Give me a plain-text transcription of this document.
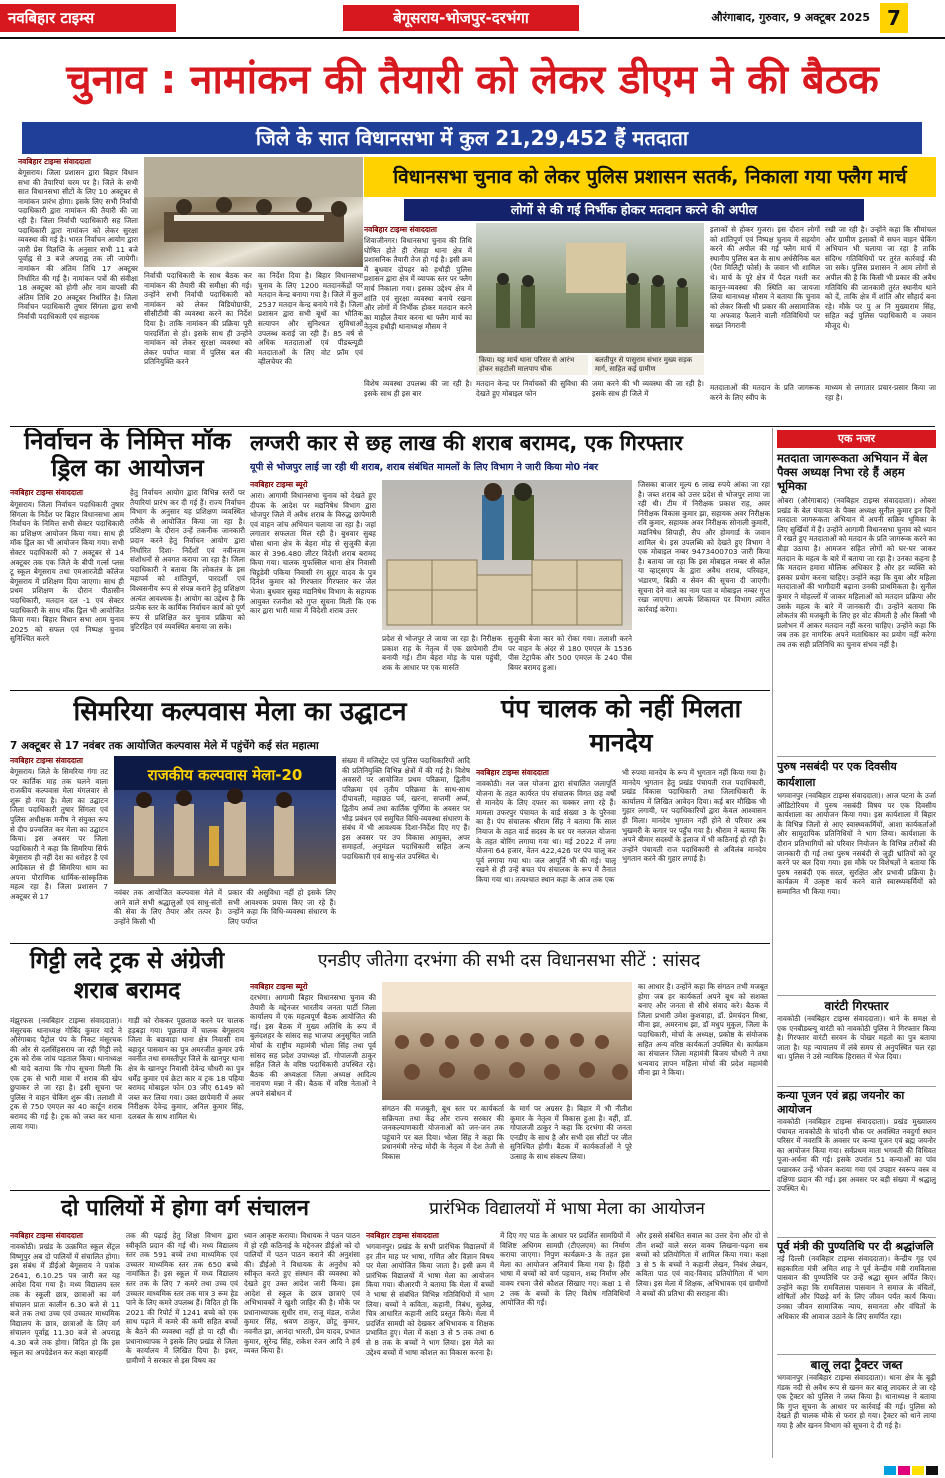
नवबिहार टाइम्स	बेगूसराय-भोजपुर-दरभंगा	औरंगाबाद, गुरुवार, 9 अक्टूबर 2025 7
चुनाव : नामांकन की तैयारी को लेकर डीएम ने की बैठक
जिले के सात विधानसभा में कुल 21,29,452 हैं मतदाता
नवबिहार टाइम्स संवाददाता
बेगूसराय। जिला प्रशासन द्वारा बिहार विधान सभा की तैयारियां चरम पर है। जिले के सभी सात विधानसभा सीटों के लिए 10 अक्टूबर से नामांकन प्रारंभ होगा। इसके लिए सभी निर्वाची पदाधिकारी द्वारा नामांकन की तैयारी की जा रही है। जिला निर्वाची पदाधिकारी सह जिला पदाधिकारी द्वारा नामांकन को लेकर सुरक्षा व्यवस्था की गई है। भारत निर्वाचन आयोग द्वारा जारी प्रेस विज्ञप्ति के अनुसार सभी 11 बजे पूर्वाह्न से 3 बजे अपराह्न तक ली जायेगी। नामांकन की अंतिम तिथि 17 अक्टूबर निर्धारित की गई है। नामांकन पत्रों की संवीक्षा 18 अक्टूबर को होगी और नाम वापसी की अंतिम तिथि 20 अक्टूबर निर्धारित है। जिला निर्वाचन पदाधिकारी तुषार सिंगला द्वारा सभी निर्वाची पदाधिकारी एवं सहायक
निर्वाची पदाधिकारी के साथ बैठक कर नामांकन की तैयारी की समीक्षा की गई। उन्होंने सभी निर्वाची पदाधिकारी को नामांकन को लेकर विडियोग्राफी, सीसीटीवी की व्यवस्था करने का निर्देश दिया है। ताकि नामांकन की प्रक्रिया पूरी पारदर्शिता से हो। इसके साथ ही उन्होंने नामांकन को लेकर सुरक्षा व्यवस्था को लेकर पर्याप्त मात्रा में पुलिस बल की प्रतिनियुक्ति करने
का निर्देश दिया है। बिहार विधानसभा चुनाव के लिए 1200 मतदानकेंद्रों पर मतदान केन्द्र बनाया गया है। जिले में कुल 2537 मतदान केन्द्र बनाये गये हैं। जिला प्रशासन द्वारा सभी बूथों का भौतिक सत्यापन और सुनिश्चत सुविधाओं उपलब्ध कराई जा रही हैं। 85 वर्ष से अधिक मतदाताओं एवं पीडब्ल्यूडी मतदाताओं के लिए वोट फ्रॉम एवं व्हीलचेयर की
विधानसभा चुनाव को लेकर पुलिस प्रशासन सतर्क, निकाला गया फ्लैग मार्च
लोगों से की गई निर्भीक होकर मतदान करने की अपील
नवबिहार टाइम्स संवाददाता
शिवाजीनगर। विधानसभा चुनाव की तिथि घोषित होते ही रोसड़ा थाना क्षेत्र में प्रशासनिक तैयारी तेज हो गई है। इसी क्रम में बुधवार दोपहर को हथौड़ी पुलिस प्रशासन द्वारा क्षेत्र में व्यापक स्तर पर फ्लैग मार्च निकाला गया। इसका उद्देश्य क्षेत्र में शांति एवं सुरक्षा व्यवस्था बनाये रखना और लोगों में निर्भीक होकर मतदान करने का माहौल तैयार करना था फ्लैग मार्च का नेतृत्व हथौड़ी थानाध्यक्ष मौसम ने
विशेष व्यवस्था उपलब्ध की जा रही है। इसके साथ ही इस बार
किया। यह मार्च थाना परिसर से आरंभ होकर सहटोली मालपाप चौक
बलतीपुर से पासुराम संभार मुख्य सड़क मार्ग, साहित कई ग्रामीण
मतदान केन्द्र पर निर्वाचकों की सुविधा की देखते हुए मोबाइल फोन
जमा करने की भी व्यवस्था की जा रही है। इसके साथ ही जिले में
इलाकों से होकर गुजरा। इस दौरान लोगों को शांतिपूर्ण एवं निष्पक्ष चुनाव में सहयोग करने की अपील की गई फ्लैग मार्च में स्थानीय पुलिस बल के साथ अर्धसैनिक बल (पैरा मिलिट्री फोर्स) के जवान भी शामिल थे। मार्च के पूरे क्षेत्र में पैदल गश्ती कर कानून-व्यवस्था की स्थिति का जायजा लिया थानाध्यक्ष मौसम ने बताया कि चुनाव को लेकर किसी भी प्रकार की असामाजिक या अफवाह फैलाने वाली गतिविधियों पर सख्त निगरानी
रखी जा रही है। उन्होंने कहा कि सीमांचल और ग्रामीण इलाकों में सघन वाहन चेकिंग अभियान भी चलाया जा रहा है ताकि संदिग्ध गतिविधियों पर तुरंत कार्रवाई की जा सके। पुलिस प्रशासन ने आम लोगों से अपील की है कि किसी भी प्रकार की अवैध गतिविधि की जानकारी तुरंत स्थानीय थाने को दें, ताकि क्षेत्र में शांति और सौहार्द बना रहे। मौके पर पु अ नि मुख्याराम सिंह, सहित कई पुलिस पदाधिकारी व जवान मौजूद थे।
मतदाताओं की मतदान के प्रति जागरूक करने के लिए स्वीप के
माध्यम से लगातार प्रचार-प्रसार किया जा रहा है।
निर्वाचन के निमित्त मॉक ड्रिल का आयोजन
नवबिहार टाइम्स संवाददाता
बेगूसराय। जिला निर्वाचन पदाधिकारी तुषार सिंगला के निर्देश पर बिहार विधानसभा आम निर्वाचन के निमित्त सभी सेक्टर पदाधिकारी का प्रशिक्षण आयोजन किया गया। साथ ही मॉक ड्रिल का भी आयोजन किया गया। सभी सेक्टर पदाधिकारी को 7 अक्टूबर से 14 अक्टूबर तक एक जिले के बीपी गर्ल्स प्लस टू स्कूल बेगूसराय तथा एमआरजेडी कॉलेज बेगूसराय में प्रशिक्षण दिया जाएगा। साथ ही प्रथम प्रशिक्षण के दौरान पीठासीन पदाधिकारी, मतदान दल -1 एवं सेक्टर पदाधिकारी के साथ मॉक ड्रिल भी आयोजित किया गया। बिहार विधान सभा आम चुनाव 2025 को सफल एवं निष्पक्ष चुनाव सुनिश्चित करने
हेतु निर्वाचन आयोग द्वारा विभिन्न स्तरों पर तैयारियां प्रारंभ कर दी गई हैं। राज्य निर्वाचन विभाग के अनुसार यह प्रशिक्षण व्यवस्थित तरीके से आयोजित किया जा रहा है। प्रशिक्षण के दौरान उन्हें तकनीक जानकारी प्रदान करने हेतु निर्वाचन आयोग द्वारा निर्धारित दिशा- निर्देशों एवं नवीनतम संशोधनों से अवगत कराया जा रहा है। जिला पदाधिकारी ने बताया कि लोकतंत्र के इस महापर्व को शांतिपूर्ण, पारदर्शी एवं विश्वसनीय रूप से संपन्न कराने हेतु प्रशिक्षण अत्यंत आवश्यक है। आयोग का उद्देश्य है कि प्रत्येक स्तर के कार्मिक निर्वाचन कार्य को पूर्ण रूप से प्रशिक्षित कर चुनाव प्रक्रिया को त्रुटिरहित एवं व्यवस्थित बनाया जा सके।
लग्जरी कार से छह लाख की शराब बरामद, एक गिरफ्तार
यूपी से भोजपुर लाई जा रही थी शराब, शराब संबंधित मामलों के लिए विभाग ने जारी किया मो0 नंबर
नवबिहार टाइम्स ब्यूरो
आरा। आगामी विधानसभा चुनाव को देखते हुए दीपक के आदेश पर मद्यनिषेध विभाग द्वारा भोजपुर जिले में अवैध शराब के विरुद्ध छापेमारी एवं वाहन जांच अभियान चलाया जा रहा है। जहां लगातार सफलता मिल रही है। बुधवार सुबह चौसा थाना क्षेत्र के बेहरा मोड़ से सुजुकी बेज़ा कार से 396.480 लीटर विदेशी शराब बरामद किया गया। चालक मुफस्सिल थाना क्षेत्र निवासी चिट्ठडेवी पकिया निवासी रंग सुद्दर यादव के पुत्र दिनेश कुमार को गिरफ्तार गिरफ्तार कर जेल भेजा। बुधवार सुबह मद्यनिषेध विभाग के सहायक आयुक्त रजनीश को गुप्त सूचना मिली कि एक कार द्वारा भारी मात्रा में विदेशी शराब उत्तर
प्रदेश से भोजपुर ले जाया जा रहा है। निरीक्षक प्रकाश राह के नेतृत्व में एक छापेमारी टीम बनायी गई। टीम बेहरा मोड़ के पास पहुंची, शक के आधार पर एक मारुति
सुजुकी बेजा कार को रोका गया। तलाशी करने पर वाहन के अंदर से 180 एमएल के 1536 पीस टेट्रापैक और 500 एमएल के 240 पीस बियर बरामद हुआ।
जिसका बाजार मूल्य 6 लाख रुपये आंका जा रहा है। जब्त शराब को उत्तर प्रदेश से भोजपुर लाया जा रही थी। टीम में निरीक्षक प्रकाश राह, अवर निरीक्षक विकास कुमार झा, सहायक अवर निरीक्षक रवि कुमार, सहायक अवर निरीक्षक सोनाली कुमारी, मद्यनिषेध सिपाही, सैप और होमगार्ड के जवान शामिल थे। इस उपलब्धि को देखते हुए विभाग ने एक मोबाइल नम्बर 9473400703 जारी किया है। बताया जा रहा कि इस मोबाइल नम्बर से कॉल या व्हाट्सएप के द्वारा अवैध शराब, परिवहन, भंडारण, बिक्री व सेवन की सूचना दी जाएगी। सूचना देने वाले का नाम पता व मोबाइल नम्बर गुप्त रखा जाएगा। आपके शिकायत पर विभाग त्वरित कार्रवाई करेगा।
एक नजर
मतदाता जागरूकता अभियान में बेल पैक्स अध्यक्ष निभा रहे हैं अहम भूमिका
ओबरा (औरंगाबाद) (नवबिहार टाइम्स संवाददाता)। ओबरा प्रखंड के बेल पंचायत के पैक्स अध्यक्ष सुनील कुमार इन दिनों मतदाता जागरूकता अभियान में अपनी सक्रिय भूमिका के लिए सुर्खियों में हैं। उन्होंने आगामी विधानसभा चुनाव को ध्यान में रखते हुए मतदाताओं को मतदान के प्रति जागरूक करने का बीड़ा उठाया है। आमजन सहित लोगों को घर-घर जाकर मतदान के महत्व के बारे में बताया जा रहा है। उनका कहना है कि मतदान हमारा मौलिक अधिकार है और हर व्यक्ति को इसका प्रयोग करना चाहिए। उन्होंने कहा कि युवा और महिला मतदाताओं की भागीदारी बढ़ाना उनकी प्राथमिकता है। सुनील कुमार ने मोहल्लों में जाकर महिलाओं को मतदान प्रक्रिया और उसके महत्व के बारे में जानकारी दी। उन्होंने बताया कि लोकतंत्र की मजबूती के लिए हर वोट कीमती है और किसी भी प्रलोभन में आकर मतदान नहीं करना चाहिए। उन्होंने कहा कि जब तक हर नागरिक अपने मताधिकार का प्रयोग नहीं करेगा तब तक सही प्रतिनिधि का चुनाव संभव नहीं है।
पुरुष नसबंदी पर एक दिवसीय कार्यशाला
भगवानपुर (नवबिहार टाइम्स संवाददाता)। आज पटना के उर्जा ऑडिटोरियम में पुरुष नसबंदी विषय पर एक दिवसीय कार्यशाला का आयोजन किया गया। इस कार्यशाला में बिहार के विभिन्न जिलों से आए स्वास्थ्यकर्मियों, आशा कार्यकर्ताओं और सामुदायिक प्रतिनिधियों ने भाग लिया। कार्यशाला के दौरान प्रतिभागियों को परिवार नियोजन के विभिन्न तरीकों की जानकारी दी गई तथा पुरुष नसबंदी से जुड़ी भ्रांतियों को दूर करने पर बल दिया गया। इस मौके पर विशेषज्ञों ने बताया कि पुरुष नसबंदी एक सरल, सुरक्षित और प्रभावी प्रक्रिया है। कार्यक्रम में उत्कृष्ट कार्य करने वाले स्वास्थ्यकर्मियों को सम्मानित भी किया गया।
वारंटी गिरफ्तार
नावकोठी (नवबिहार टाइम्स संवाददाता)। थाने के समक्ष से एक एनबीडब्ल्यू वारंटी को नावकोठी पुलिस ने गिरफ्तार किया है। गिरफ्तार वारंटी सरवन के पोखर महतो का पुत्र बताया जाता है। यह न्यायालय में लंबे समय से अनुपस्थित चल रहा था। पुलिस ने उसे न्यायिक हिरासत में भेज दिया।
कन्या पूजन एवं ब्रह्म जयनोर का आयोजन
नावकोठी (नवबिहार टाइम्स संवाददाता)। प्रखंड मुख्यालय पंचायत नावकोठी के चांदनी चौक पर अवस्थित नवदुर्गा स्थान परिसर में नवरात्रि के अवसर पर कन्या पूजन एवं ब्रह्म जयनोर का आयोजन किया गया। सर्वप्रथम माता भगवती की विधिवत पूजा-अर्चना की गई। इसके उपरांत 51 कन्याओं का पांव पखारकर उन्हें भोजन कराया गया एवं उपहार स्वरूप वस्त्र व दक्षिणा प्रदान की गई। इस अवसर पर बड़ी संख्या में श्रद्धालु उपस्थित थे।
पूर्व मंत्री की पुण्यतिथि पर दी श्रद्धांजलि
नई दिल्ली (नवबिहार टाइम्स संवाददाता)। केन्द्रीय गृह एवं सहकारिता मंत्री अमित शाह ने पूर्व केन्द्रीय मंत्री रामविलास पासवान की पुण्यतिथि पर उन्हें श्रद्धा सुमन अर्पित किए। उन्होंने कहा कि रामविलास पासवान ने समाज के वंचितों, शोषितों और पिछड़े वर्ग के लिए जीवन पर्यंत कार्य किया। उनका जीवन सामाजिक न्याय, समानता और वंचितों के अधिकार की आवाज उठाने के लिए समर्पित रहा।
बालू लदा ट्रैक्टर जब्त
भगवानपुर (नवबिहार टाइम्स संवाददाता)। थाना क्षेत्र के बूढ़ी गंडक नदी से अवैध रूप से खनन कर बालू लादकर ले जा रहे एक ट्रैक्टर को पुलिस ने जब्त किया है। थानाध्यक्ष ने बताया कि गुप्त सूचना के आधार पर कार्रवाई की गई। पुलिस को देखते ही चालक मौके से फरार हो गया। ट्रैक्टर को थाने लाया गया है और खनन विभाग को सूचना दे दी गई है।
सिमरिया कल्पवास मेला का उद्घाटन
7 अक्टूबर से 17 नवंबर तक आयोजित कल्पवास मेले में पहुंचेंगे कई संत महात्मा
नवबिहार टाइम्स संवाददाता
बेगूसराय। जिले के सिमरिया गंगा तट पर कार्तिक माह तक चलने वाला राजकीय कल्पवास मेला मंगलवार से शुरू हो गया है। मेला का उद्घाटन जिला पदाधिकारी तुषार सिंगला एवं पुलिस अधीक्षक मनीष ने संयुक्त रूप से दीप प्रज्वलित कर मेला का उद्घाटन किया। इस अवसर पर जिला पदाधिकारी ने कहा कि सिमरिया सिर्फ बेगूसराय ही नहीं देश का धरोहर है एवं आदिकाल से ही सिमरिया धाम का अपना पौराणिक धार्मिक-सांस्कृतिक महत्व रहा है। जिला प्रशासन 7 अक्टूबर से 17
राजकीय कल्पवास मेला-20
नवंबर तक आयोजित कल्पवास मेले में आने वाले सभी श्रद्धालुओं एवं साधु-संतों की सेवा के लिए तैयार और तत्पर है। उन्होंने किसी भी
प्रकार की असुविधा नहीं हो इसके लिए सभी आवश्यक प्रयास किए जा रहे हैं। उन्होंने कहा कि विधि-व्यवस्था संधारण के लिए पर्याप्त
संख्या में मजिस्ट्रेट एवं पुलिस पदाधिकारियों आदि की प्रतिनियुक्ति विभिन्न क्षेत्रों में की गई है। विशेष अवसरों पर आयोजित प्रथम परिक्रमा, द्वितीय परिक्रमा एवं तृतीय परिक्रमा के साथ-साथ दीपावली, महाछठ पर्व, खरना, सप्तमी अर्घ्य, द्वितीय अर्घ्य तथा कार्तिक पूर्णिमा के अवसर पर भीड़ प्रबंधन एवं समुचित विधि-व्यवस्था संधारण के संबंध में भी आवश्यक दिशा-निर्देश दिए गए हैं। इस अवसर पर उप विकास आयुक्त, अपर समाहर्ता, अनुमंडल पदाधिकारी सहित अन्य पदाधिकारी एवं साधु-संत उपस्थित थे।
पंप चालक को नहीं मिलता मानदेय
नवबिहार टाइम्स संवाददाता
नावकोठी। नल जल योजना द्वारा संचालित जलापूर्ति योजना के तहत कार्यरत पंप संचालक विगत छह वर्षों से मानदेय के लिए दफ्तर का चक्कर लगा रहे हैं। मामला उफरपुर पंचायत के वार्ड संख्या 3 के पुरैनवा का है। पंप संचालक श्रीराम सिंह ने बताया कि साल नियाज के तहत वार्ड सदस्य के घर पर नलजल योजना के तहत बोरिंग लगाया गया था। मई 2022 में लगा योजना 64 हजार, वेतन 422,426 पर पंप चालू कर पूर्व लगाया गया था। जल आपूर्ति भी की गई। चालू रखने से ही उन्हें बचत पंप संचालक के रूप में तैनात किया गया था। तत्पश्चात स्थान कहा के आज तक एक
भी रुपया मानदेय के रूप में भुगतान नहीं किया गया है। मानदेय भुगतान हेतु प्रखंड पंचायती राज पदाधिकारी, प्रखंड विकास पदाधिकारी तथा जिलाधिकारी के कार्यालय में लिखित आवेदन दिया। कई बार मौखिक भी गुहार लगायी, पर पदाधिकारियों द्वारा केवल आश्वासन ही मिला। मानदेय भुगतान नहीं होने से परिवार अब भुखमरी के कगार पर पहुँच गया है। श्रीराम ने बताया कि अपने बीमार सदस्यों के इलाज में भी कठिनाई हो रही है। उन्होंने पंचायती राज पदाधिकारी से अविलंब मानदेय भुगतान करने की गुहार लगाई है।
गिट्टी लदे ट्रक से अंग्रेजी शराब बरामद
मंझुरफस (नवबिहार टाइम्स संवाददाता)। मंसूरचक थानाध्यक्ष गोबिंद कुमार यादे ने औरंगाबाद पैट्रोल पंप के निकट मंसूरचक की ओर से दलसिंहसराय जा रही गिट्टी लदे ट्रक को रोक जांच पड़ताल किया। थानाध्यक्ष श्री यादे बताया कि गोप सूचना मिली कि एक ट्रक से भारी मात्रा में शराब की खेप छुपाकर ले जा रहा है। इसी सूचना पर पुलिस ने वाहन चेकिंग शुरू की। तलाशी में ट्रक से 750 एमएल का 40 कार्टून शराब बरामद की गई है। ट्रक को जब्त कर थाना लाया गया।
गाड़ी को रोककर पूछताछ करने पर चालक हड़बड़ा गया। पूछताछ में चालक बेगूसराय जिला के बछवाड़ा थाना क्षेत्र निवासी राम बहादुर पासवान का पुत्र अमरजीत कुमार उर्फ नवनीत तथा समस्तीपुर जिले के खानपुर थाना क्षेत्र के खानपुर निवासी देवेन्द्र चौधरी का पुत्र धर्मेंद्र कुमार एवं क्रेटा कार व ट्रक 18 पहिया बरामद मोबाइल फोन 03 जीए 6149 को जब्त कर लिया गया। उक्त छापेमारी में अवर निरीक्षक देवेन्द्र कुमार, अनिल कुमार सिंह, दलबल के साथ शामिल थे।
एनडीए जीतेगा दरभंगा की सभी दस विधानसभा सीटें : सांसद
नवबिहार टाइम्स ब्यूरो
दरभंगा। आगामी बिहार विधानसभा चुनाव की तैयारी के मद्देनजर भारतीय जनता पार्टी जिला कार्यालय में एक महत्वपूर्ण बैठक आयोजित की गई। इस बैठक में मुख्य अतिथि के रूप में बुलंदशहर के सांसद सह भाजपा अनुसूचित जाति मोर्चा के राष्ट्रीय महामंत्री भोला सिंह तथा पूर्व सांसद सह प्रदेश उपाध्यक्ष डॉ. गोपालजी ठाकुर सहित जिले के वरिष्ठ पदाधिकारी उपस्थित रहे। बैठक की अध्यक्षता जिला अध्यक्ष आदित्य नारायण मन्ना ने की। बैठक में वरिष्ठ नेताओं ने अपने संबोधन में
संगठन की मजबूती, बूथ स्तर पर कार्यकर्ता सक्रियता तथा केंद्र और राज्य सरकार की जनकल्याणकारी योजनाओं को जन-जन तक पहुंचाने पर बल दिया। भोला सिंह ने कहा कि प्रधानमंत्री नरेन्द्र मोदी के नेतृत्व में देश तेजी से विकास
के मार्ग पर अग्रसर है। बिहार में भी नीतीश कुमार के नेतृत्व में विकास हुआ है। वहीं, डॉ. गोपालजी ठाकुर ने कहा कि दरभंगा की जनता एनडीए के साथ है और सभी दस सीटों पर जीत सुनिश्चित होगी। बैठक में कार्यकर्ताओं ने पूरे उत्साह के साथ संकल्प लिया।
का आधार है। उन्होंने कहा कि संगठन तभी मजबूत होगा जब हर कार्यकर्ता अपने बूथ को सशक्त बनाए और जनता से सीधे संवाद करे। बैठक में जिला प्रभारी उमेश कुशवाहा, डॉ. प्रेमचंदन मिश्रा, मीना झा, अमरनाथ झा, डॉ मधुप मुकुल, जिला के पदाधिकारी, मोर्चा के अध्यक्ष, प्रकोष्ठ के संयोजक सहित अन्य वरिष्ठ कार्यकर्ता उपस्थित थे। कार्यक्रम का संचालन जिला महामंत्री बिजय चौधरी ने तथा धन्यवाद ज्ञापन महिला मोर्चा की प्रदेश महामंत्री मीना झा ने किया।
दो पालियों में होगा वर्ग संचालन
नवबिहार टाइम्स संवाददाता
नावकोठी। प्रखंड के उत्क्रमित स्कूल सेंट्रल विष्णुपुर अब दो पालियों में संचालित होगा। इस संबंध में डीईओ बेगूसराय ने पत्रांक 2641, 6.10.25 पत्र जारी कर यह आदेश दिया गया है। मध्य विद्यालय स्तर तक के स्कूली छात्र, छात्राओं का वर्ग संचालन प्रातः कालीन 6.30 बजे से 11 बजे तक तथा उच्च एवं उच्चतर माध्यमिक विद्यालय के छात्र, छात्राओं के लिए वर्ग संचालन पूर्वाह्न 11.30 बजे से अपराह्न 4.30 बजे तक होगा। विदित हो कि इस स्कूल का अपग्रेडेशन कर कक्षा बारहवीं
तक की पढ़ाई हेतु शिक्षा विभाग द्वारा स्वीकृति प्रदान की गई थी। मध्य विद्यालय स्तर तक 591 बच्चे तथा माध्यमिक एवं उच्चतर माध्यमिक स्तर तक 650 बच्चे नामांकित हैं। इस स्कूल में मध्य विद्यालय स्तर तक के लिए 7 कमरे तथा उच्च एवं उच्चतर माध्यमिक स्तर तक मात्र 3 रूम हेड पाने के लिए कमरे उपलब्ध हैं। विदित हो कि 2021 की रिपोर्ट में 1241 बच्चे को एक साथ पढ़ाने में कमरे की कमी सहित बच्चों के बैठने की व्यवस्था नहीं हो पा रही थी। प्रधानाध्यापक ने इसके लिए प्रखंड से जिला के कार्यालय में लिखित दिया है। इधर, ग्रामीणों ने सरकार से इस विषय का
ध्यान आकृष्ट कराया। विधायक ने पठन पाठन में हो रही कठिनाई के मद्देनजर डीईओ को दो पालियों में पठन पाठन कराने की अनुशंसा की। डीईओ ने विधायक के अनुरोध को स्वीकृत करते हुए संस्थान की व्यवस्था को देखते हुए उक्त आदेश जारी किया। इस आदेश से स्कूल के छात्र छात्राएं एवं अभिभावकों ने खुशी जाहिर की है। मौके पर प्रधानाध्यापक सुधीर राम, राजू मंडल, राजेश कुमार सिंह, श्रवण ठाकुर, छोटू कुमार, नवनीत झा, आनंदा भारती, प्रेम यादव, प्रभात कुमार, सुरेन्द्र सिंह, राकेश रंजन आदि ने हर्ष व्यक्त किया है।
प्रारंभिक विद्यालयों में भाषा मेला का आयोजन
नवबिहार टाइम्स संवाददाता
भगवानपुर। प्रखंड के सभी प्रारंभिक विद्यालयों में हर तीन माह पर भाषा, गणित और विज्ञान विषय पर मेला आयोजित किया जाता है। इसी क्रम में प्रारंभिक विद्यालयों में भाषा मेला का आयोजन किया गया। बीआरपी ने बताया कि मेला में बच्चों ने भाषा से संबंधित विभिन्न गतिविधियों में भाग लिया। बच्चों ने कविता, कहानी, निबंध, सुलेख, चित्र आधारित कहानी आदि प्रस्तुत किये। मेला में प्रदर्शित सामग्री को देखकर अभिभावक व शिक्षक प्रभावित हुए। मेला में कक्षा 3 से 5 तक तथा 6 से 8 तक के बच्चों ने भाग लिया। इस मेले का उद्देश्य बच्चों में भाषा कौशल का विकास करना है।
में दिए गए पाठ के आधार पर प्रदर्शित सामग्रियों में विशिष्ट अधिगम सामग्री (टीएलएम) का निर्माण कराया जाएगा। निपुण कार्यक्रम-3 के तहत इस मेला का आयोजन अनिवार्य किया गया है। हिंदी भाषा में बच्चों को वर्ण पहचान, शब्द निर्माण और वाक्य रचना जैसे कौशल सिखाए गए। कक्षा 1 से 2 तक के बच्चों के लिए विशेष गतिविधियाँ आयोजित की गईं।
और इससे संबंधित सवाल का उत्तर देना और दो से तीन शब्दों वाले सरल वाक्य लिखना-पढ़ना सब बच्चों को प्रतियोगिता में शामिल किया गया। कक्षा 3 से 5 के बच्चों ने कहानी लेखन, निबंध लेखन, कविता पाठ एवं वाद-विवाद प्रतियोगिता में भाग लिया। इस मेला में शिक्षक, अभिभावक एवं ग्रामीणों ने बच्चों की प्रतिभा की सराहना की।
